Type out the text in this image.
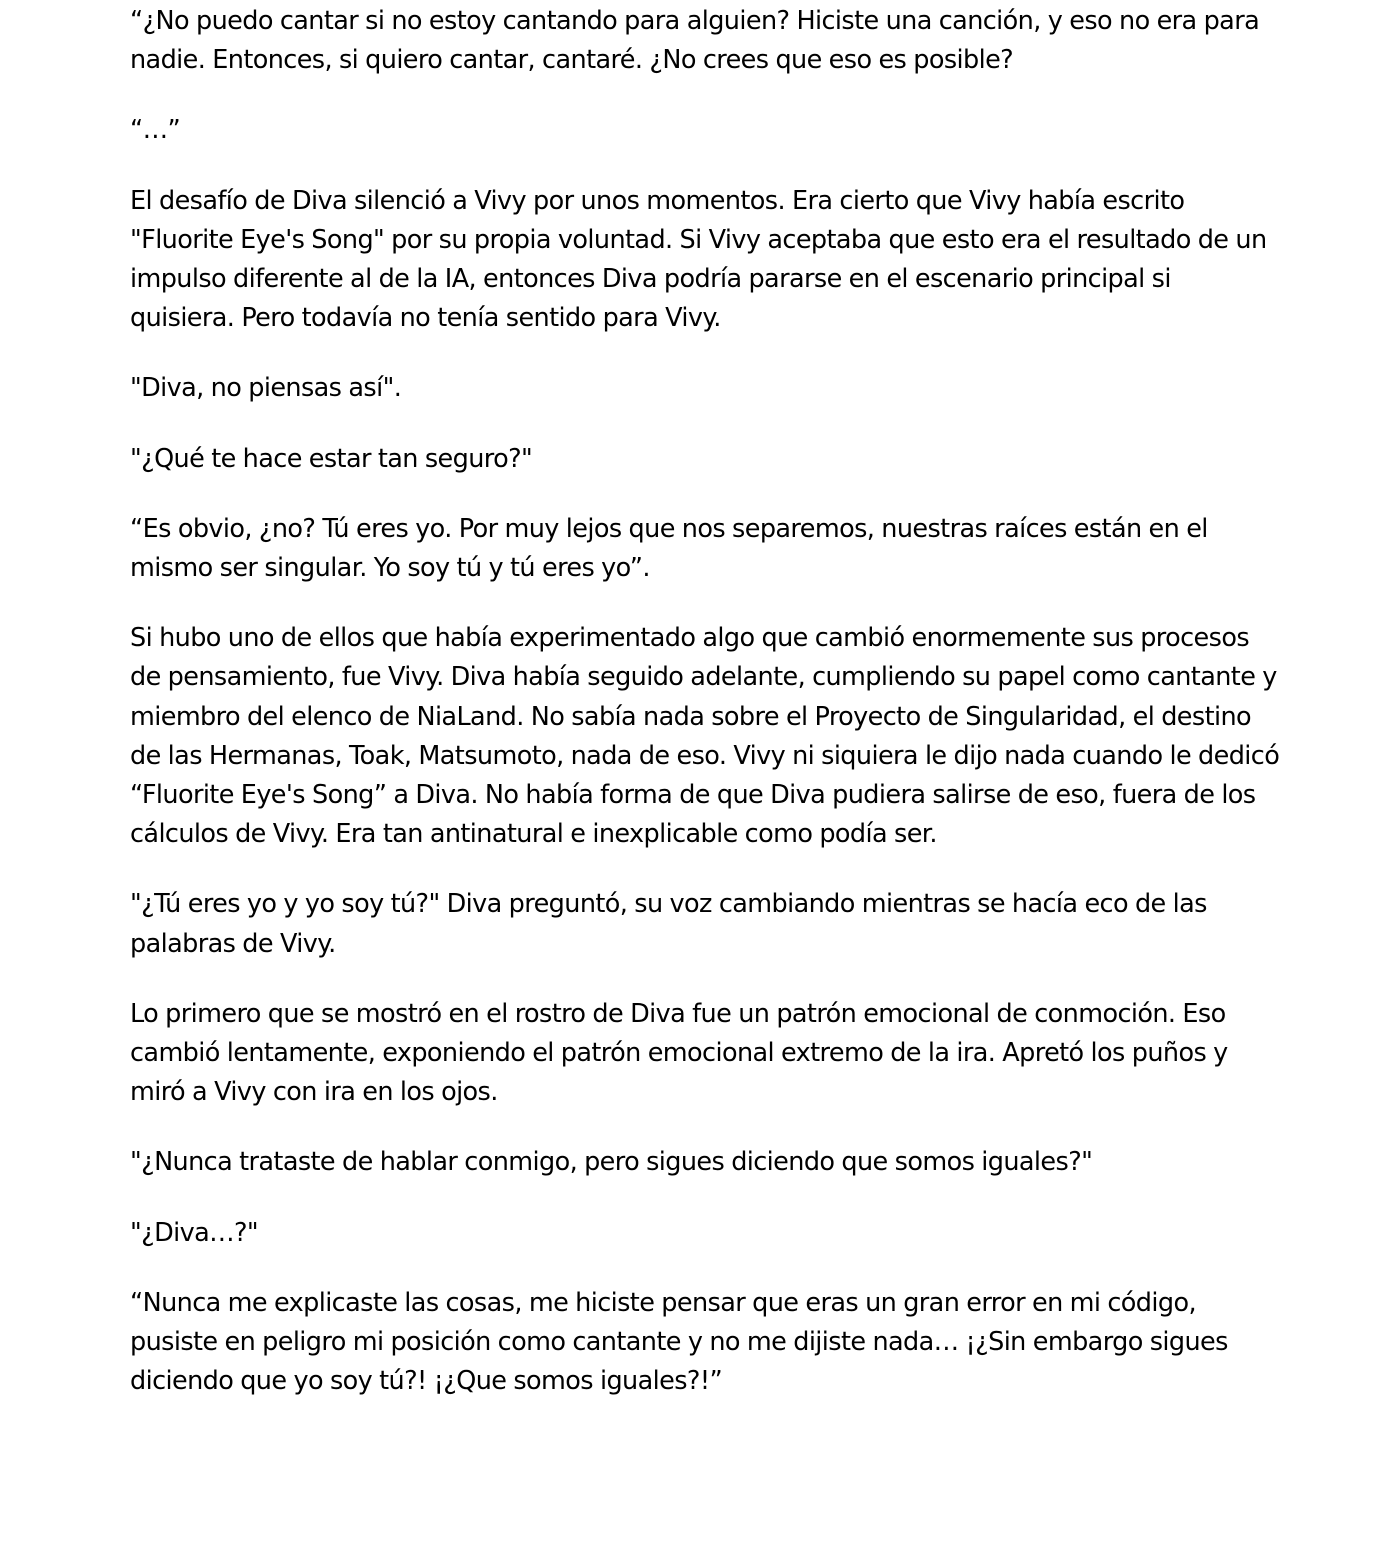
“¿No puedo cantar si no estoy cantando para alguien? Hiciste una canción, y eso no era para nadie. Entonces, si quiero cantar, cantaré. ¿No crees que eso es posible?

“…”

El desafío de Diva silenció a Vivy por unos momentos. Era cierto que Vivy había escrito "Fluorite Eye's Song" por su propia voluntad. Si Vivy aceptaba que esto era el resultado de un impulso diferente al de la IA, entonces Diva podría pararse en el escenario principal si quisiera. Pero todavía no tenía sentido para Vivy.

"Diva, no piensas así".

"¿Qué te hace estar tan seguro?"

“Es obvio, ¿no? Tú eres yo. Por muy lejos que nos separemos, nuestras raíces están en el mismo ser singular. Yo soy tú y tú eres yo”.

Si hubo uno de ellos que había experimentado algo que cambió enormemente sus procesos de pensamiento, fue Vivy. Diva había seguido adelante, cumpliendo su papel como cantante y miembro del elenco de NiaLand. No sabía nada sobre el Proyecto de Singularidad, el destino de las Hermanas, Toak, Matsumoto, nada de eso. Vivy ni siquiera le dijo nada cuando le dedicó “Fluorite Eye's Song” a Diva. No había forma de que Diva pudiera salirse de eso, fuera de los cálculos de Vivy. Era tan antinatural e inexplicable como podía ser.

"¿Tú eres yo y yo soy tú?" Diva preguntó, su voz cambiando mientras se hacía eco de las palabras de Vivy.

Lo primero que se mostró en el rostro de Diva fue un patrón emocional de conmoción. Eso cambió lentamente, exponiendo el patrón emocional extremo de la ira. Apretó los puños y miró a Vivy con ira en los ojos.

"¿Nunca trataste de hablar conmigo, pero sigues diciendo que somos iguales?"

"¿Diva…?"

“Nunca me explicaste las cosas, me hiciste pensar que eras un gran error en mi código, pusiste en peligro mi posición como cantante y no me dijiste nada… ¡¿Sin embargo sigues diciendo que yo soy tú?! ¡¿Que somos iguales?!”
